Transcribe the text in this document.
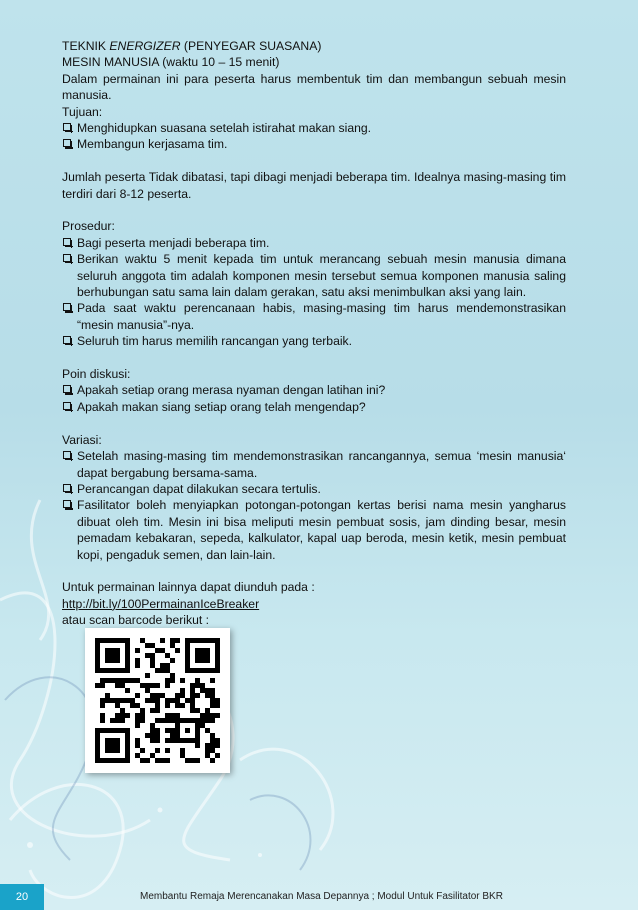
TEKNIK ENERGIZER (PENYEGAR SUASANA)

MESIN MANUSIA (waktu 10 – 15 menit)

Dalam permainan ini para peserta harus membentuk tim dan membangun sebuah mesin manusia.

Tujuan:

Menghidupkan suasana setelah istirahat makan siang.
Membangun kerjasama tim.

Jumlah peserta Tidak dibatasi, tapi dibagi menjadi beberapa tim. Idealnya masing-masing tim terdiri dari 8-12 peserta.

Prosedur:

Bagi peserta menjadi beberapa tim.
Berikan waktu 5 menit kepada tim untuk merancang sebuah mesin manusia dimana seluruh anggota tim adalah komponen mesin tersebut semua komponen manusia saling berhubungan satu sama lain dalam gerakan, satu aksi menimbulkan aksi yang lain.
Pada saat waktu perencanaan habis, masing-masing tim harus mendemonstrasikan “mesin manusia”-nya.
Seluruh tim harus memilih rancangan yang terbaik.

Poin diskusi:

Apakah setiap orang merasa nyaman dengan latihan ini?
Apakah makan siang setiap orang telah mengendap?

Variasi:

Setelah masing-masing tim mendemonstrasikan rancangannya, semua ‘mesin manusia‘ dapat bergabung bersama-sama.
Perancangan dapat dilakukan secara tertulis.
Fasilitator boleh menyiapkan potongan-potongan kertas berisi nama mesin yangharus dibuat oleh tim. Mesin ini bisa meliputi mesin pembuat sosis, jam dinding besar, mesin pemadam kebakaran, sepeda, kalkulator, kapal uap beroda, mesin ketik, mesin pembuat kopi, pengaduk semen, dan lain-lain.

Untuk permainan lainnya dapat diunduh pada :

http://bit.ly/100PermainanIceBreaker

atau scan barcode berikut :

20	Membantu Remaja Merencanakan Masa Depannya ; Modul Untuk Fasilitator BKR
